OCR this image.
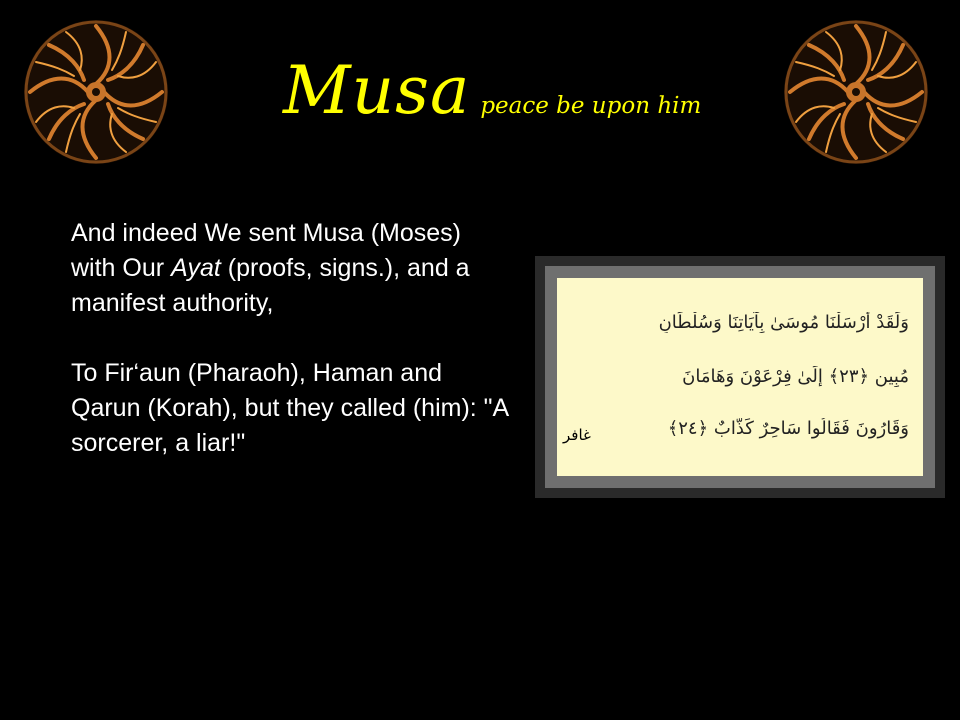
Musa peace be upon him

And indeed We sent Musa (Moses) with Our Ayat (proofs, signs.), and a manifest authority,

To Fir‘aun (Pharaoh), Haman and Qarun (Korah), but they called (him): "A sorcerer, a liar!"

وَلَقَدْ أَرْسَلْنَا مُوسَىٰ بِآيَاتِنَا وَسُلْطَانٍ
مُبِينٍ ﴿٢٣﴾ إِلَىٰ فِرْعَوْنَ وَهَامَانَ
وَقَارُونَ فَقَالُوا سَاحِرٌ كَذَّابٌ ﴿٢٤﴾
غافر
